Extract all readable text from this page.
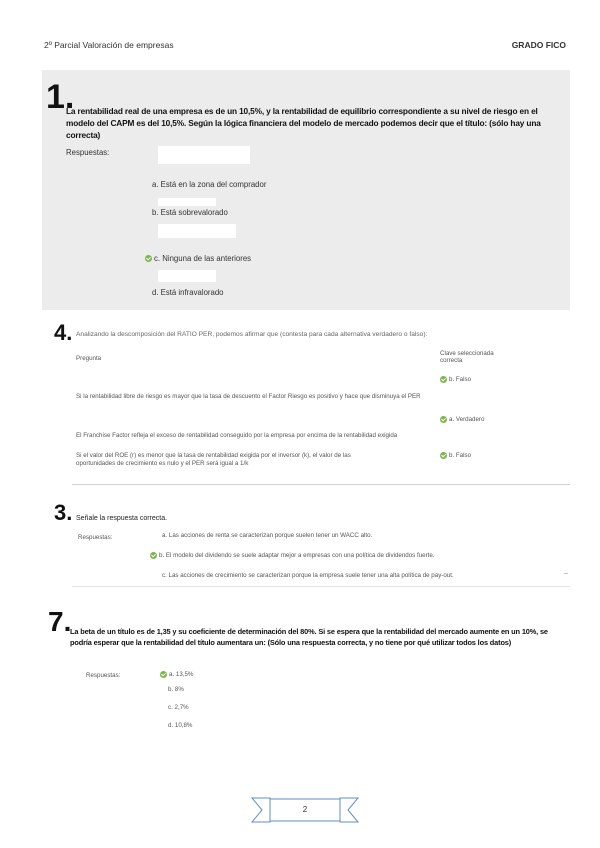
2º Parcial Valoración de empresas	GRADO FICO
1.
La rentabilidad real de una empresa es de un 10,5%, y la rentabilidad de equilibrio correspondiente a su nivel de riesgo en el modelo del CAPM es del 10,5%. Según la lógica financiera del modelo de mercado podemos decir que el título: (sólo hay una correcta)
Respuestas:
a. Está en la zona del comprador
b. Está sobrevalorado
c. Ninguna de las anteriores
d. Está infravalorado
4. Analizando la descomposición del RATIO PER, podemos afirmar que (contesta para cada alternativa verdadero o falso):
Pregunta
Clave seleccionada correcta
Si la rentabilidad libre de riesgo es mayor que la tasa de descuento el Factor Riesgo es positivo y hace que disminuya el PER
b. Falso
El Franchise Factor refleja el exceso de rentabilidad conseguido por la empresa por encima de la rentabilidad exigida
a. Verdadero
Si el valor del ROE (r) es menor que la tasa de rentabilidad exigida por el inversor (k), el valor de las oportunidades de crecimiento es nulo y el PER será igual a 1/k
b. Falso
3. Señale la respuesta correcta.
Respuestas:	a. Las acciones de renta se caracterizan porque suelen tener un WACC alto.
b. El modelo del dividendo se suele adaptar mejor a empresas con una política de dividendos fuerte.
c. Las acciones de crecimiento se caracterizan porque la empresa suele tener una alta política de pay-out.	–
7.
La beta de un título es de 1,35 y su coeficiente de determinación del 80%. Si se espera que la rentabilidad del mercado aumente en un 10%, se podría esperar que la rentabilidad del título aumentara un: (Sólo una respuesta correcta, y no tiene por qué utilizar todos los datos)
Respuestas:	a. 13,5%
b. 8%
c. 2,7%
d. 10,8%
2
